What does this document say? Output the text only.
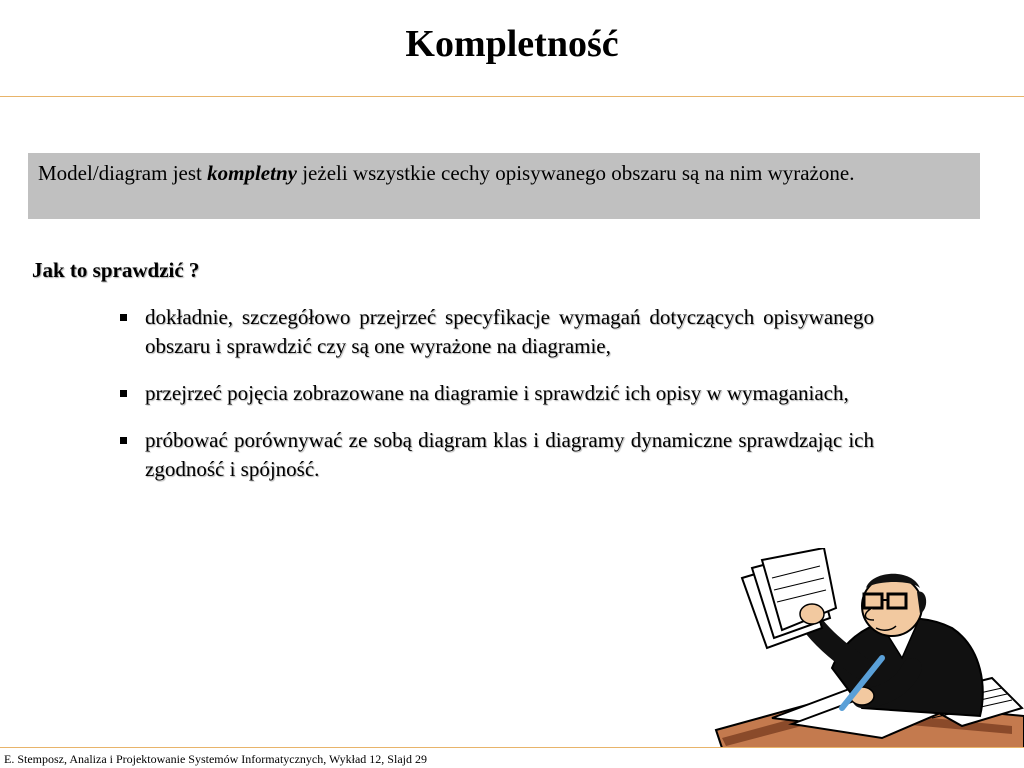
Kompletność
Model/diagram jest kompletny jeżeli wszystkie cechy opisywanego obszaru są na nim wyrażone.
Jak to sprawdzić ?
dokładnie, szczegółowo przejrzeć specyfikacje wymagań dotyczących opisywanego obszaru i sprawdzić czy są one wyrażone na diagramie,
przejrzeć pojęcia zobrazowane na diagramie i sprawdzić ich opisy w wymaganiach,
próbować porównywać ze sobą diagram klas i diagramy dynamiczne sprawdzając ich zgodność i spójność.
E. Stemposz, Analiza i Projektowanie Systemów Informatycznych, Wykład 12, Slajd 29
